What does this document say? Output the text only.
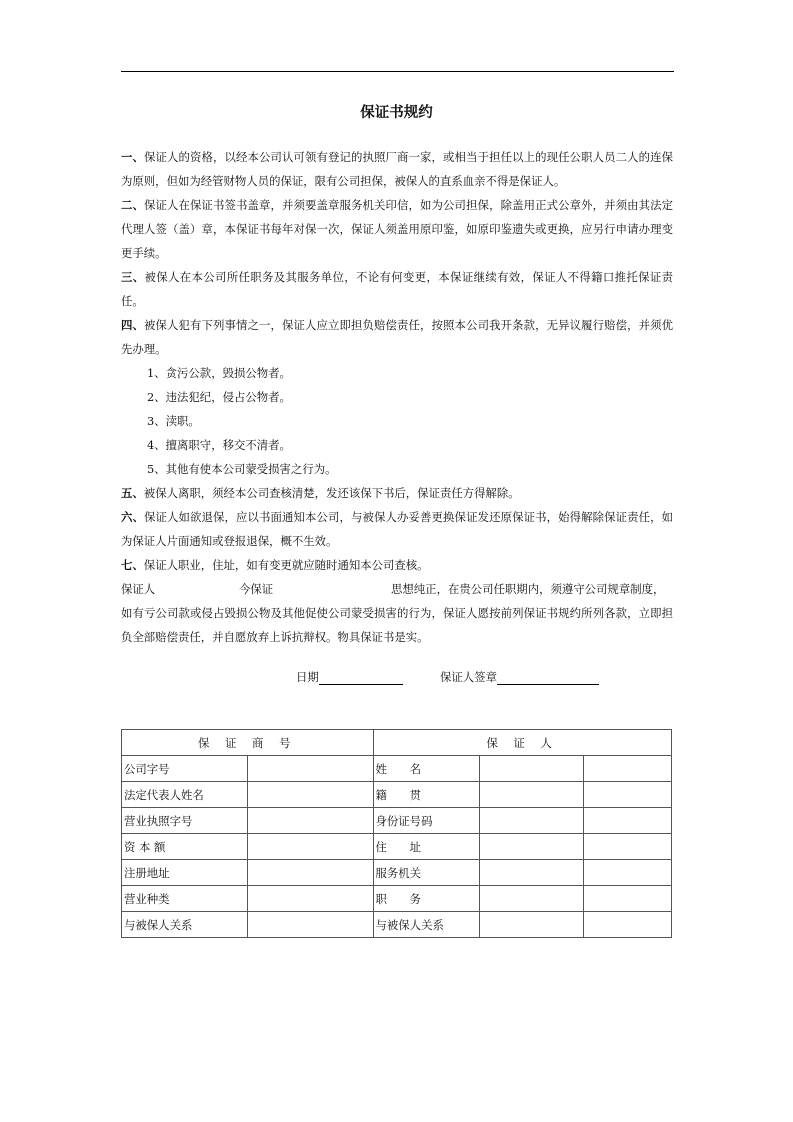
保证书规约

一、保证人的资格，以经本公司认可领有登记的执照厂商一家，或相当于担任以上的现任公职人员二人的连保为原则，但如为经管财物人员的保证，限有公司担保，被保人的直系血亲不得是保证人。

二、保证人在保证书签书盖章，并须要盖章服务机关印信，如为公司担保，除盖用正式公章外，并须由其法定代理人签（盖）章，本保证书每年对保一次，保证人须盖用原印鉴，如原印鉴遗失或更换，应另行申请办理变更手续。

三、被保人在本公司所任职务及其服务单位，不论有何变更，本保证继续有效，保证人不得籍口推托保证责任。

四、被保人犯有下列事情之一，保证人应立即担负赔偿责任，按照本公司我开条款，无异议履行赔偿，并须优先办理。

1、贪污公款，毁损公物者。

2、违法犯纪，侵占公物者。

3、渎职。

4、擅离职守，移交不清者。

5、其他有使本公司蒙受损害之行为。

五、被保人离职，须经本公司查核清楚，发还该保下书后，保证责任方得解除。

六、保证人如欲退保，应以书面通知本公司，与被保人办妥善更换保证发还原保证书，始得解除保证责任，如为保证人片面通知或登报退保，概不生效。

七、保证人职业，住址，如有变更就应随时通知本公司查核。

保证人	今保证	思想纯正，在贵公司任职期内，须遵守公司规章制度，

如有亏公司款或侵占毁损公物及其他促使公司蒙受损害的行为，保证人愿按前列保证书规约所列各款，立即担负全部赔偿责任，并自愿放弃上诉抗辩权。物具保证书是实。

日期	保证人签章
保 证 商 号		保 证 人		
公司字号		姓　　名		
法定代表人姓名		籍　　贯		
营业执照字号		身份证号码		
资 本 额		住　　址		
注册地址		服务机关		
营业种类		职　　务		
与被保人关系		与被保人关系		
